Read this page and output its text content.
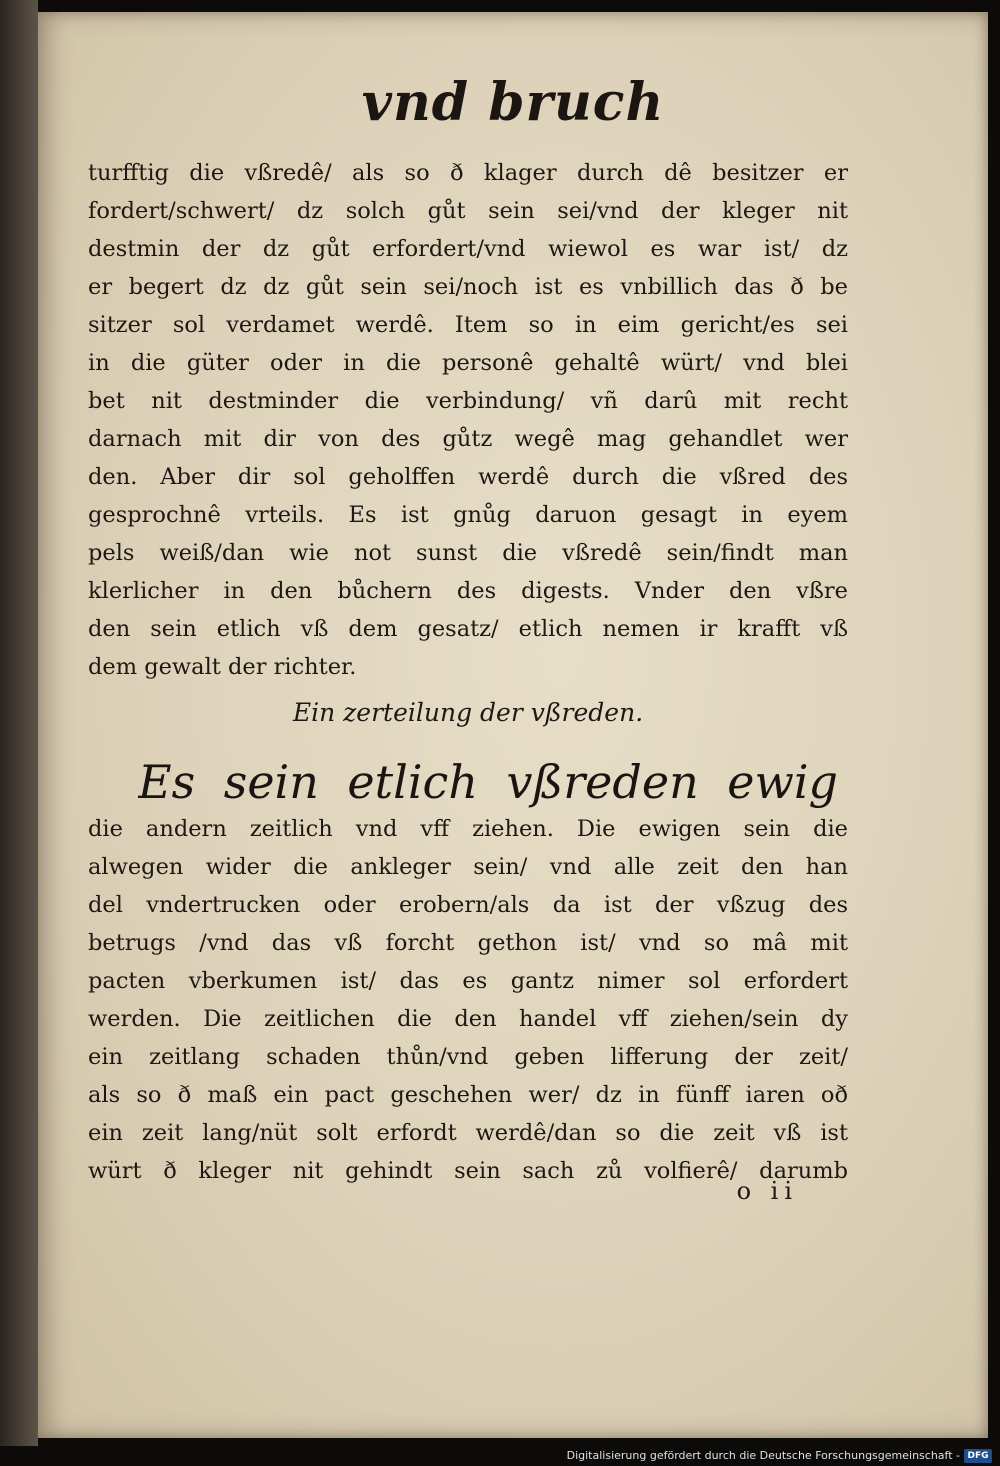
vnd bruch
turfftig die vßredê/ als so ð klager durch dê besitzer er
fordert/schwert/ dz solch gůt sein sei/vnd der kleger nit
destmin der dz gůt erfordert/vnd wiewol es war ist/ dz
er begert dz dz gůt sein sei/noch ist es vnbillich das ð be
sitzer sol verdamet werdê. Item so in eim gericht/es sei
in die güter oder in die personê gehaltê würt/ vnd blei
bet nit destminder die verbindung/ vñ darû mit recht
darnach mit dir von des gůtz wegê mag gehandlet wer
den. Aber dir sol geholffen werdê durch die vßred des
gesprochnê vrteils. Es ist gnůg daruon gesagt in eyem
pels weiß/dan wie not sunst die vßredê sein/findt man
klerlicher in den bůchern des digests. Vnder den vßre
den sein etlich vß dem gesatz/ etlich nemen ir krafft vß
dem gewalt der richter.
Ein zerteilung der vßreden.
Es sein etlich vßreden ewig
die andern zeitlich vnd vff ziehen. Die ewigen sein die
alwegen wider die ankleger sein/ vnd alle zeit den han
del vndertrucken oder erobern/als da ist der vßzug des
betrugs /vnd das vß forcht gethon ist/ vnd so mâ mit
pacten vberkumen ist/ das es gantz nimer sol erfordert
werden. Die zeitlichen die den handel vff ziehen/sein dy
ein zeitlang schaden thůn/vnd geben lifferung der zeit/
als so ð maß ein pact geschehen wer/ dz in fünff iaren oð
ein zeit lang/nüt solt erfordt werdê/dan so die zeit vß ist
würt ð kleger nit gehindt sein sach zů volfierê/ darumb
o ii
Digitalisierung gefördert durch die Deutsche Forschungsgemeinschaft - DFG
